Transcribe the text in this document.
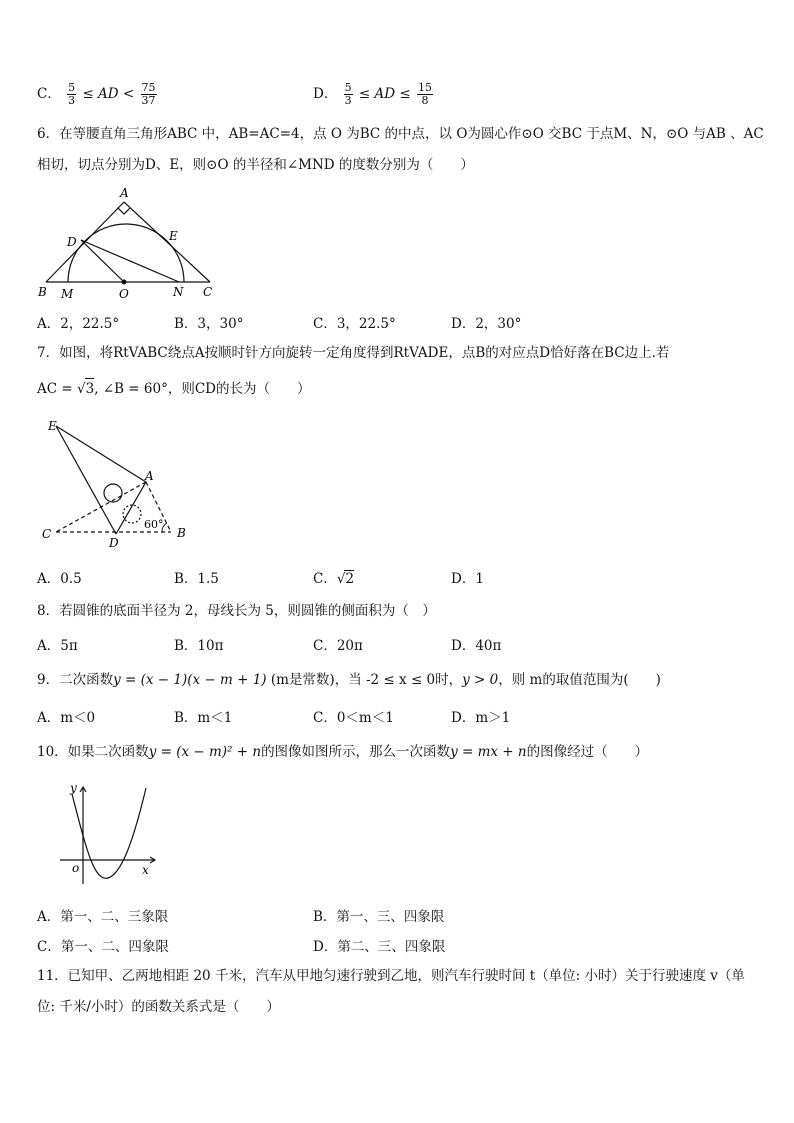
C． $\frac{5}{3}$ ≤ AD < $\frac{75}{37}$	D． $\frac{5}{3}$ ≤ AD ≤ $\frac{15}{8}$
6．在等腰直角三角形ABC 中，AB=AC=4，点 O 为BC 的中点，以 O为圆心作⊙O 交BC 于点M、N，⊙O 与AB 、AC
相切，切点分别为D、E，则⊙O 的半径和∠MND 的度数分别为（　　）
A
B	C
D	E
M	N
O
A．2，22.5°	B．3，30°	C．3，22.5°	D．2，30°
7．如图，将RtVABC绕点A按顺时针方向旋转一定角度得到RtVADE，点B的对应点D恰好落在BC边上.若
AC = √3, ∠B = 60°，则CD的长为（　　）
E
A
C
D
B
60°
A．0.5	B．1.5	C．√2	D．1
8．若圆锥的底面半径为 2，母线长为 5，则圆锥的侧面积为（　）
A．5π	B．10π	C．20π	D．40π
9．二次函数y = (x − 1)(x − m + 1) (m是常数)，当 -2 ≤ x ≤ 0时，y > 0，则 m的取值范围为(　　)
A．m＜0	B．m＜1	C．0＜m＜1	D．m＞1
10．如果二次函数y = (x − m)² + n的图像如图所示，那么一次函数y = mx + n的图像经过（　　）
y
x
o
A．第一、二、三象限	B．第一、三、四象限
C．第一、二、四象限	D．第二、三、四象限
11．已知甲、乙两地相距 20 千米，汽车从甲地匀速行驶到乙地，则汽车行驶时间 t（单位: 小时）关于行驶速度 v（单
位: 千米/小时）的函数关系式是（　　）
